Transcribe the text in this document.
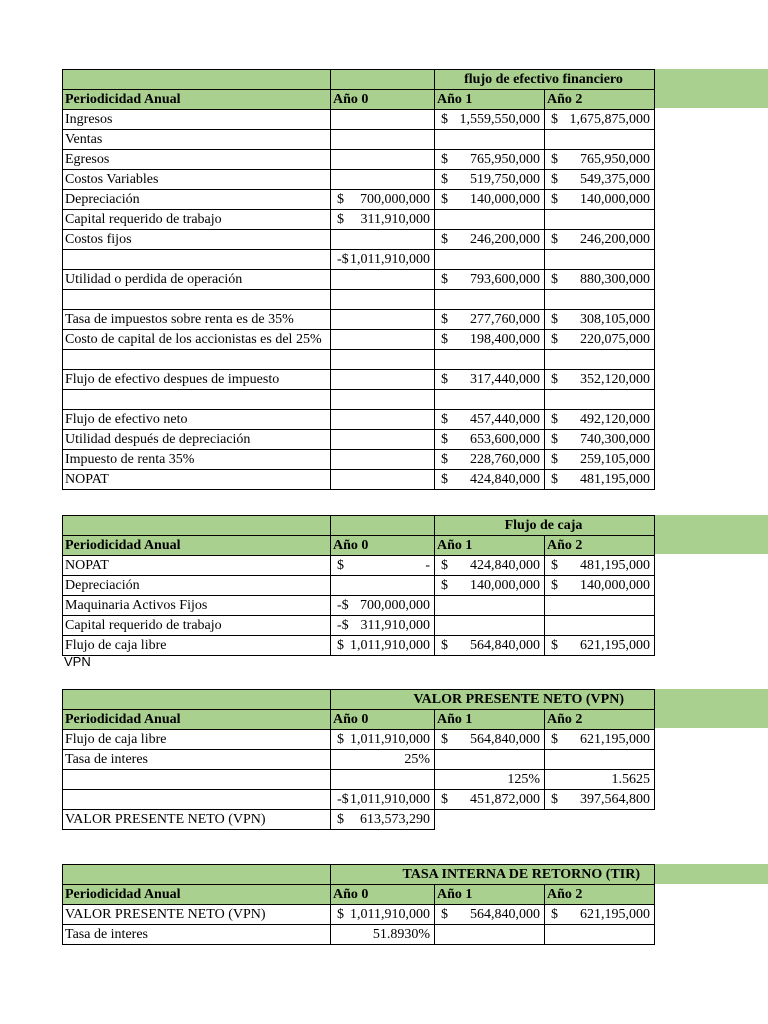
		flujo de efectivo financiero	
Periodicidad Anual	Año 0	Año 1	Año 2
Ingresos		$ 1,559,550,000	$ 1,675,875,000

Ventas			
Egresos		$ 765,950,000	$ 765,950,000

Costos Variables		$ 519,750,000	$ 549,375,000

Depreciación	$ 700,000,000	$ 140,000,000	$ 140,000,000

Capital requerido de trabajo	$ 311,910,000		

Costos fijos		$ 246,200,000	$ 246,200,000

	-$ 1,011,910,000		

Utilidad o perdida de operación		$ 793,600,000	$ 880,300,000

Tasa de impuestos sobre renta es de 35%		$ 277,760,000	$ 308,105,000

Costo de capital de los accionistas es del 25%		$ 198,400,000	$ 220,075,000

Flujo de efectivo despues de impuesto		$ 317,440,000	$ 352,120,000

Flujo de efectivo neto		$ 457,440,000	$ 492,120,000

Utilidad después de depreciación		$ 653,600,000	$ 740,300,000

Impuesto de renta 35%		$ 228,760,000	$ 259,105,000

NOPAT		$ 424,840,000	$ 481,195,000
		Flujo de caja	
Periodicidad Anual	Año 0	Año 1	Año 2
NOPAT	$ -	$ 424,840,000	$ 481,195,000

Depreciación		$ 140,000,000	$ 140,000,000

Maquinaria Activos Fijos	-$ 700,000,000		

Capital requerido de trabajo	-$ 311,910,000		

Flujo de caja libre	$ 1,011,910,000	$ 564,840,000	$ 621,195,000
VPN
	VALOR PRESENTE NETO (VPN)		
Periodicidad Anual	Año 0	Año 1	Año 2
Flujo de caja libre	$ 1,011,910,000	$ 564,840,000	$ 621,195,000

Tasa de interes	25%		
		125%	1.5625

	-$ 1,011,910,000	$ 451,872,000	$ 397,564,800

VALOR PRESENTE NETO (VPN)	$ 613,573,290		

	TASA INTERNA DE RETORNO (TIR)		
Periodicidad Anual	Año 0	Año 1	Año 2
VALOR PRESENTE NETO (VPN)	$ 1,011,910,000	$ 564,840,000	$ 621,195,000

Tasa de interes	51.8930%		
